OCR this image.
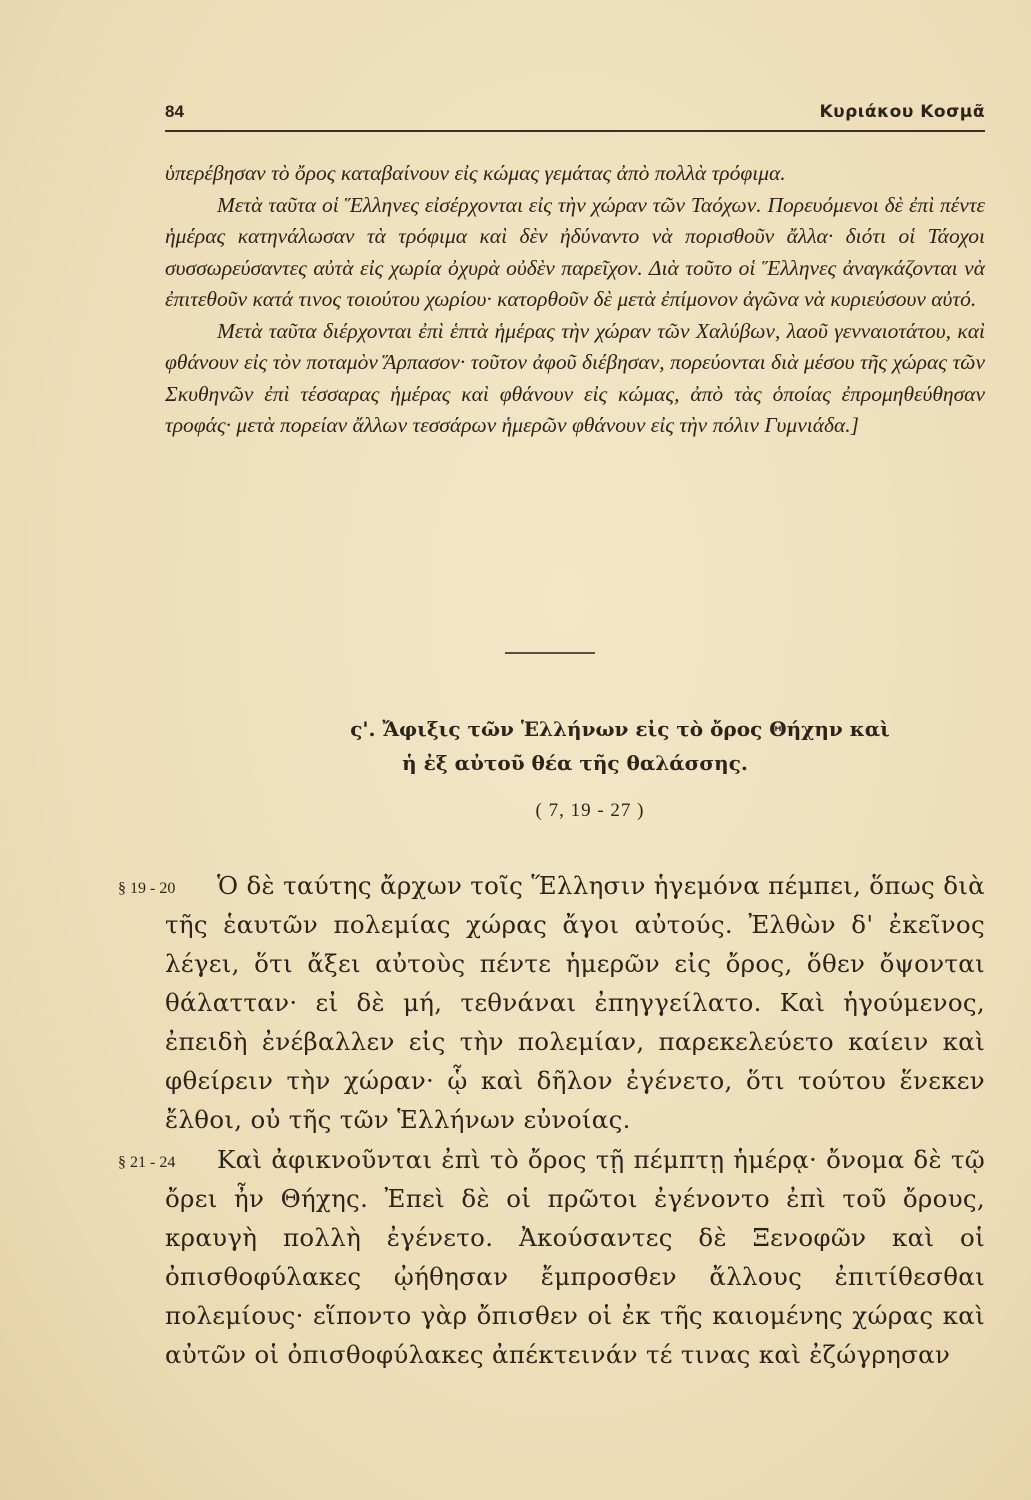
84	Κυριάκου Κοσμᾶ

ὑπερέβησαν τὸ ὄρος καταβαίνουν εἰς κώμας γεμάτας ἀπὸ πολλὰ τρόφιμα.

Μετὰ ταῦτα οἱ Ἕλληνες εἰσέρχονται εἰς τὴν χώραν τῶν Ταόχων. Πορευόμενοι δὲ ἐπὶ πέντε ἡμέρας κατηνάλωσαν τὰ τρόφιμα καὶ δὲν ἠδύναντο νὰ πορισθοῦν ἄλλα· διότι οἱ Τάοχοι συσσωρεύσαντες αὐτὰ εἰς χωρία ὀχυρὰ οὐδὲν παρεῖχον. Διὰ τοῦτο οἱ Ἕλληνες ἀναγκάζονται νὰ ἐπιτεθοῦν κατά τινος τοιούτου χωρίου· κατορθοῦν δὲ μετὰ ἐπίμονον ἀγῶνα νὰ κυριεύσουν αὐτό.

Μετὰ ταῦτα διέρχονται ἐπὶ ἑπτὰ ἡμέρας τὴν χώραν τῶν Χαλύβων, λαοῦ γενναιοτάτου, καὶ φθάνουν εἰς τὸν ποταμὸν Ἅρπασον· τοῦτον ἀφοῦ διέβησαν, πορεύονται διὰ μέσου τῆς χώρας τῶν Σκυθηνῶν ἐπὶ τέσσαρας ἡμέρας καὶ φθάνουν εἰς κώμας, ἀπὸ τὰς ὁποίας ἐπρομηθεύθησαν τροφάς· μετὰ πορείαν ἄλλων τεσσάρων ἡμερῶν φθάνουν εἰς τὴν πόλιν Γυμνιάδα.]

ς'. Ἄφιξις τῶν Ἑλλήνων εἰς τὸ ὄρος Θήχην καὶ
ἡ ἐξ αὐτοῦ θέα τῆς θαλάσσης.
( 7, 19 - 27 )
§ 19 - 20	Ὁ δὲ ταύτης ἄρχων τοῖς Ἕλλησιν ἡγεμόνα πέμπει, ὅπως διὰ τῆς ἑαυτῶν πολεμίας χώρας ἄγοι αὐτούς. Ἐλθὼν δ' ἐκεῖνος λέγει, ὅτι ἄξει αὐτοὺς πέντε ἡμερῶν εἰς ὄρος, ὅθεν ὄψονται θάλατταν· εἰ δὲ μή, τεθνάναι ἐπηγγείλατο. Καὶ ἡγούμενος, ἐπειδὴ ἐνέβαλλεν εἰς τὴν πολεμίαν, παρεκελεύετο καίειν καὶ φθείρειν τὴν χώραν· ᾧ καὶ δῆλον ἐγένετο, ὅτι τούτου ἕνεκεν ἔλθοι, οὐ τῆς τῶν Ἑλλήνων εὐνοίας.

§ 21 - 24	Καὶ ἀφικνοῦνται ἐπὶ τὸ ὄρος τῇ πέμπτῃ ἡμέρᾳ· ὄνομα δὲ τῷ ὄρει ἦν Θήχης. Ἐπεὶ δὲ οἱ πρῶτοι ἐγένοντο ἐπὶ τοῦ ὄρους, κραυγὴ πολλὴ ἐγένετο. Ἀκούσαντες δὲ Ξενοφῶν καὶ οἱ ὀπισθοφύλακες ᾠήθησαν ἔμπροσθεν ἄλλους ἐπιτίθεσθαι πολεμίους· εἵποντο γὰρ ὄπισθεν οἱ ἐκ τῆς καιομένης χώρας καὶ αὐτῶν οἱ ὀπισθοφύλακες ἀπέκτεινάν τέ τινας καὶ ἐζώγρησαν
